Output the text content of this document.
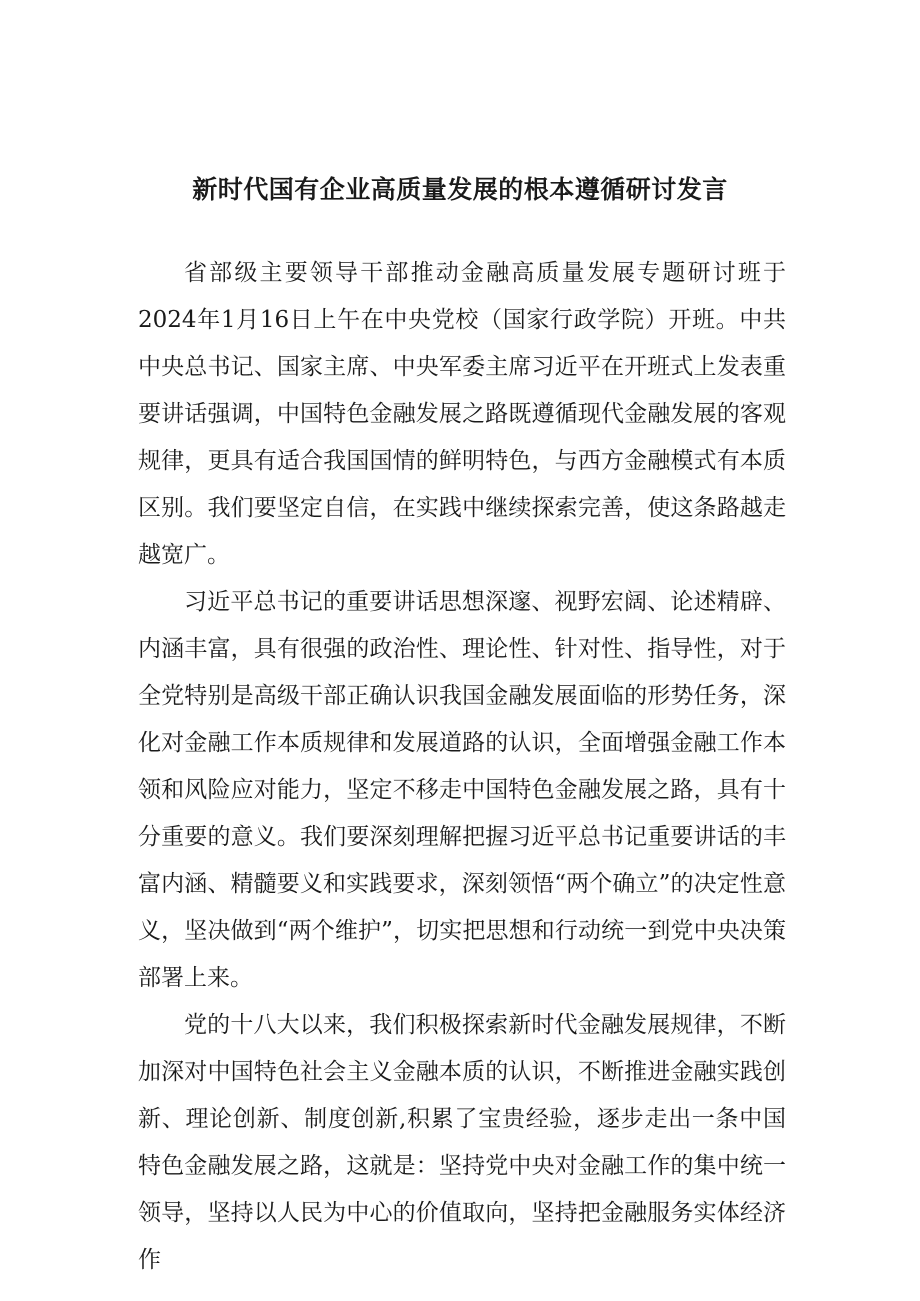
新时代国有企业高质量发展的根本遵循研讨发言

省部级主要领导干部推动金融高质量发展专题研讨班于2024年1月16日上午在中央党校（国家行政学院）开班。中共中央总书记、国家主席、中央军委主席习近平在开班式上发表重要讲话强调，中国特色金融发展之路既遵循现代金融发展的客观规律，更具有适合我国国情的鲜明特色，与西方金融模式有本质区别。我们要坚定自信，在实践中继续探索完善，使这条路越走越宽广。

习近平总书记的重要讲话思想深邃、视野宏阔、论述精辟、内涵丰富，具有很强的政治性、理论性、针对性、指导性，对于全党特别是高级干部正确认识我国金融发展面临的形势任务，深化对金融工作本质规律和发展道路的认识，全面增强金融工作本领和风险应对能力，坚定不移走中国特色金融发展之路，具有十分重要的意义。我们要深刻理解把握习近平总书记重要讲话的丰富内涵、精髓要义和实践要求，深刻领悟“两个确立”的决定性意义，坚决做到“两个维护”，切实把思想和行动统一到党中央决策部署上来。

党的十八大以来，我们积极探索新时代金融发展规律，不断加深对中国特色社会主义金融本质的认识，不断推进金融实践创新、理论创新、制度创新,积累了宝贵经验，逐步走出一条中国特色金融发展之路，这就是：坚持党中央对金融工作的集中统一领导，坚持以人民为中心的价值取向，坚持把金融服务实体经济作
